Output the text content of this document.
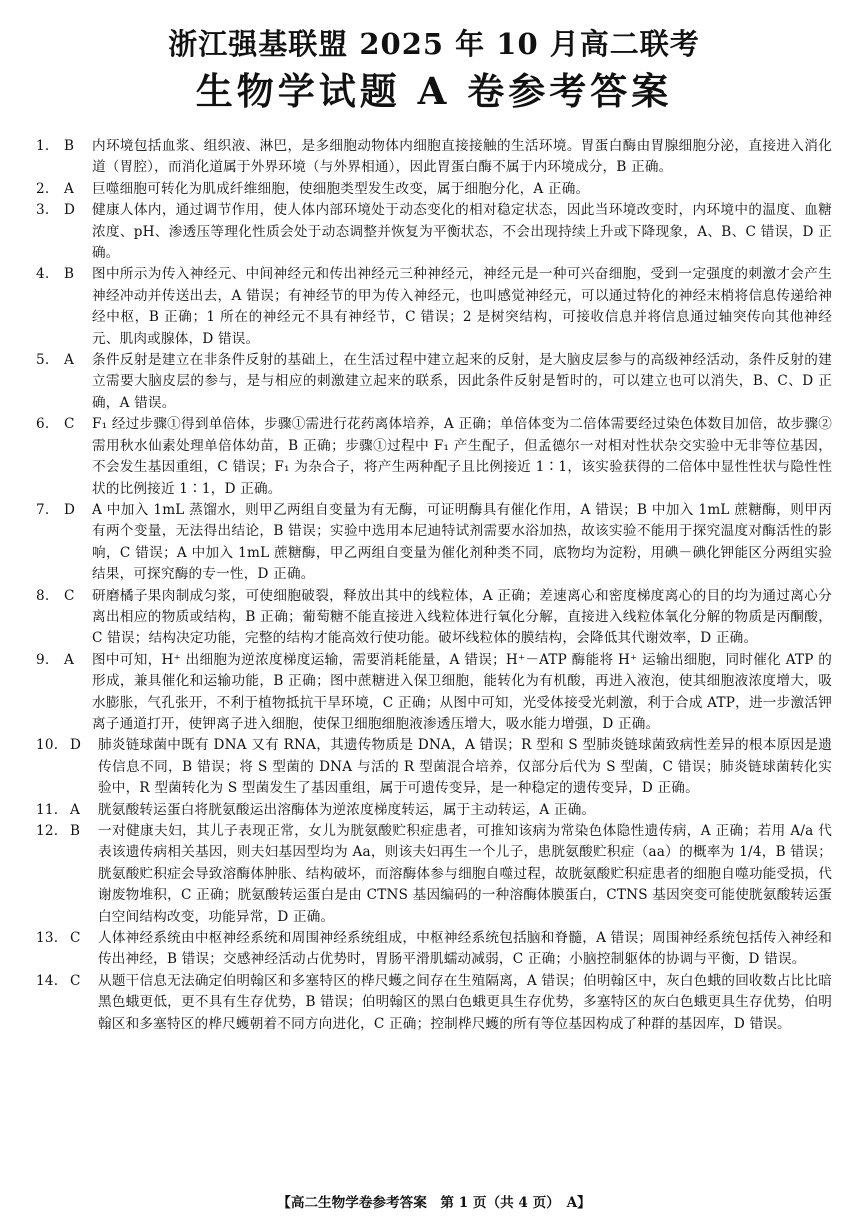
浙江强基联盟 2025 年 10 月高二联考
生物学试题 A 卷参考答案
1.	B	内环境包括血浆、组织液、淋巴，是多细胞动物体内细胞直接接触的生活环境。胃蛋白酶由胃腺细胞分泌，直接进入消化道（胃腔），而消化道属于外界环境（与外界相通），因此胃蛋白酶不属于内环境成分，B 正确。
2.	A	巨噬细胞可转化为肌成纤维细胞，使细胞类型发生改变，属于细胞分化，A 正确。
3.	D	健康人体内，通过调节作用，使人体内部环境处于动态变化的相对稳定状态，因此当环境改变时，内环境中的温度、血糖浓度、pH、渗透压等理化性质会处于动态调整并恢复为平衡状态，不会出现持续上升或下降现象，A、B、C 错误，D 正确。
4.	B	图中所示为传入神经元、中间神经元和传出神经元三种神经元，神经元是一种可兴奋细胞，受到一定强度的刺激才会产生神经冲动并传送出去，A 错误；有神经节的甲为传入神经元，也叫感觉神经元，可以通过特化的神经末梢将信息传递给神经中枢，B 正确；1 所在的神经元不具有神经节，C 错误；2 是树突结构，可接收信息并将信息通过轴突传向其他神经元、肌肉或腺体，D 错误。
5.	A	条件反射是建立在非条件反射的基础上，在生活过程中建立起来的反射，是大脑皮层参与的高级神经活动，条件反射的建立需要大脑皮层的参与，是与相应的刺激建立起来的联系，因此条件反射是暂时的，可以建立也可以消失，B、C、D 正确，A 错误。
6.	C	F₁ 经过步骤①得到单倍体，步骤①需进行花药离体培养，A 正确；单倍体变为二倍体需要经过染色体数目加倍，故步骤②需用秋水仙素处理单倍体幼苗，B 正确；步骤①过程中 F₁ 产生配子，但孟德尔一对相对性状杂交实验中无非等位基因，不会发生基因重组，C 错误；F₁ 为杂合子，将产生两种配子且比例接近 1∶1，该实验获得的二倍体中显性性状与隐性性状的比例接近 1∶1，D 正确。
7.	D	A 中加入 1mL 蒸馏水，则甲乙两组自变量为有无酶，可证明酶具有催化作用，A 错误；B 中加入 1mL 蔗糖酶，则甲丙有两个变量，无法得出结论，B 错误；实验中选用本尼迪特试剂需要水浴加热，故该实验不能用于探究温度对酶活性的影响，C 错误；A 中加入 1mL 蔗糖酶，甲乙两组自变量为催化剂种类不同，底物均为淀粉，用碘－碘化钾能区分两组实验结果，可探究酶的专一性，D 正确。
8.	C	研磨橘子果肉制成匀浆，可使细胞破裂，释放出其中的线粒体，A 正确；差速离心和密度梯度离心的目的均为通过离心分离出相应的物质或结构，B 正确；葡萄糖不能直接进入线粒体进行氧化分解，直接进入线粒体氧化分解的物质是丙酮酸，C 错误；结构决定功能，完整的结构才能高效行使功能。破坏线粒体的膜结构，会降低其代谢效率，D 正确。
9.	A	图中可知，H⁺ 出细胞为逆浓度梯度运输，需要消耗能量，A 错误；H⁺－ATP 酶能将 H⁺ 运输出细胞，同时催化 ATP 的形成，兼具催化和运输功能，B 正确；图中蔗糖进入保卫细胞，能转化为有机酸，再进入液泡，使其细胞液浓度增大，吸水膨胀，气孔张开，不利于植物抵抗干旱环境，C 正确；从图中可知，光受体接受光刺激，利于合成 ATP，进一步激活钾离子通道打开，使钾离子进入细胞，使保卫细胞细胞液渗透压增大，吸水能力增强，D 正确。
10. D	肺炎链球菌中既有 DNA 又有 RNA，其遗传物质是 DNA，A 错误；R 型和 S 型肺炎链球菌致病性差异的根本原因是遗传信息不同，B 错误；将 S 型菌的 DNA 与活的 R 型菌混合培养，仅部分后代为 S 型菌，C 错误；肺炎链球菌转化实验中，R 型菌转化为 S 型菌发生了基因重组，属于可遗传变异，是一种稳定的遗传变异，D 正确。
11. A	胱氨酸转运蛋白将胱氨酸运出溶酶体为逆浓度梯度转运，属于主动转运，A 正确。
12. B	一对健康夫妇，其儿子表现正常，女儿为胱氨酸贮积症患者，可推知该病为常染色体隐性遗传病，A 正确；若用 A/a 代表该遗传病相关基因，则夫妇基因型均为 Aa，则该夫妇再生一个儿子，患胱氨酸贮积症（aa）的概率为 1/4，B 错误；胱氨酸贮积症会导致溶酶体肿胀、结构破坏，而溶酶体参与细胞自噬过程，故胱氨酸贮积症患者的细胞自噬功能受损，代谢废物堆积，C 正确；胱氨酸转运蛋白是由 CTNS 基因编码的一种溶酶体膜蛋白，CTNS 基因突变可能使胱氨酸转运蛋白空间结构改变，功能异常，D 正确。
13. C	人体神经系统由中枢神经系统和周围神经系统组成，中枢神经系统包括脑和脊髓，A 错误；周围神经系统包括传入神经和传出神经，B 错误；交感神经活动占优势时，胃肠平滑肌蠕动减弱，C 正确；小脑控制躯体的协调与平衡，D 错误。
14. C	从题干信息无法确定伯明翰区和多塞特区的桦尺蠖之间存在生殖隔离，A 错误；伯明翰区中，灰白色蛾的回收数占比比暗黑色蛾更低，更不具有生存优势，B 错误；伯明翰区的黑白色蛾更具生存优势，多塞特区的灰白色蛾更具生存优势，伯明翰区和多塞特区的桦尺蠖朝着不同方向进化，C 正确；控制桦尺蠖的所有等位基因构成了种群的基因库，D 错误。
【高二生物学卷参考答案　第 1 页（共 4 页）　A】
